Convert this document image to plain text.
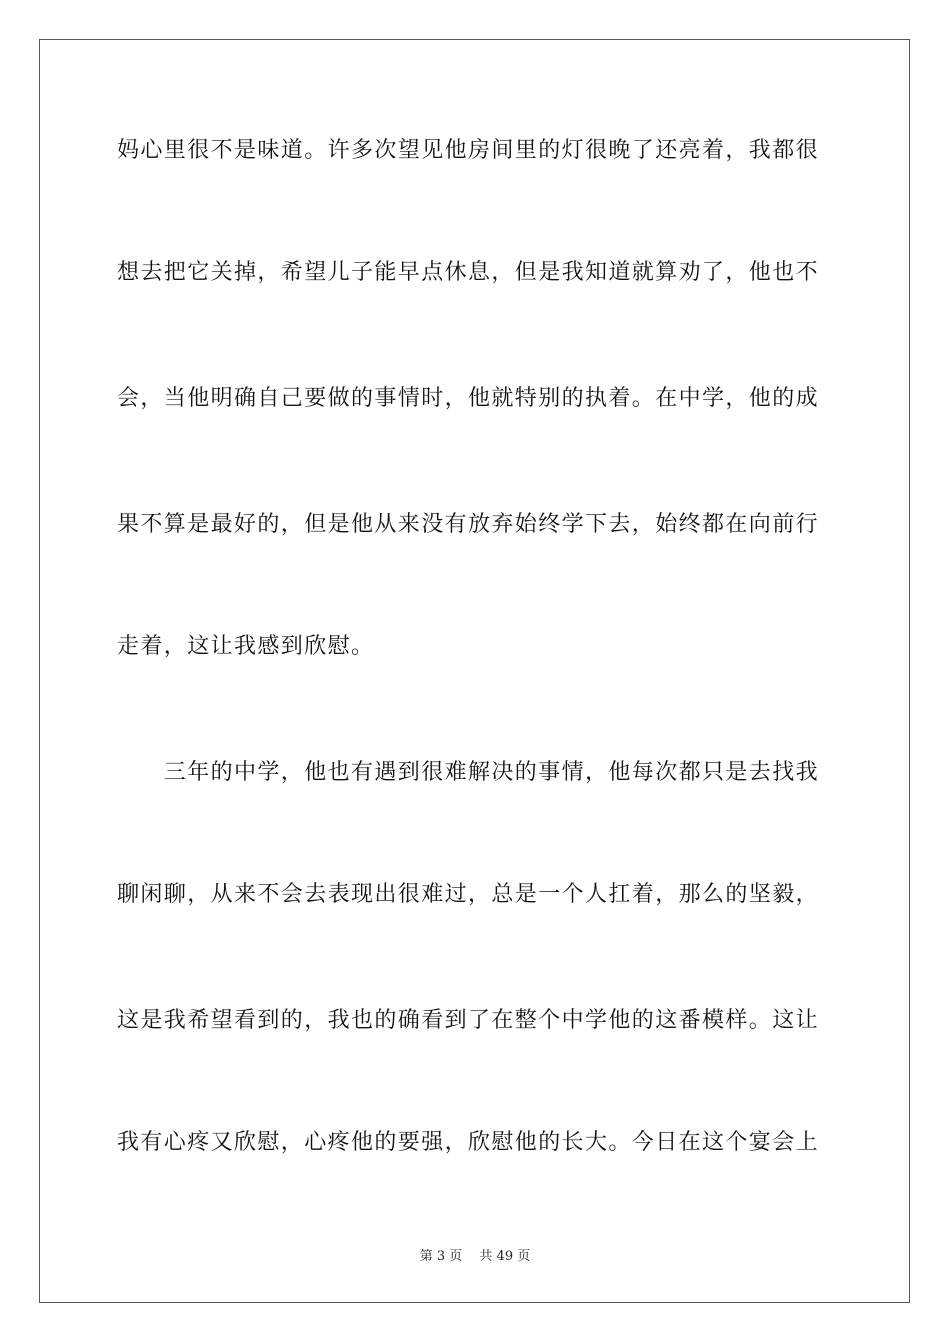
妈心里很不是味道。许多次望见他房间里的灯很晚了还亮着，我都很
想去把它关掉，希望儿子能早点休息，但是我知道就算劝了，他也不
会，当他明确自己要做的事情时，他就特别的执着。在中学，他的成
果不算是最好的，但是他从来没有放弃始终学下去，始终都在向前行
走着，这让我感到欣慰。
　　三年的中学，他也有遇到很难解决的事情，他每次都只是去找我
聊闲聊，从来不会去表现出很难过，总是一个人扛着，那么的坚毅，
这是我希望看到的，我也的确看到了在整个中学他的这番模样。这让
我有心疼又欣慰，心疼他的要强，欣慰他的长大。今日在这个宴会上
第 3 页　 共 49 页
